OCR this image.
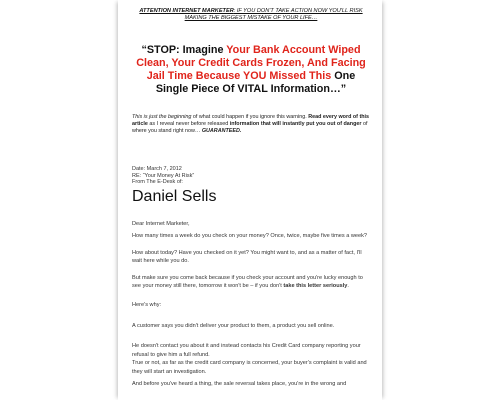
ATTENTION INTERNET MARKETER: IF YOU DON'T TAKE ACTION NOW YOU'LL RISK MAKING THE BIGGEST MISTAKE OF YOUR LIFE…

“STOP: Imagine Your Bank Account Wiped Clean, Your Credit Cards Frozen, And Facing Jail Time Because YOU Missed This One Single Piece Of VITAL Information…”

This is just the beginning of what could happen if you ignore this warning. Read every word of this article as I reveal never before released information that will instantly put you out of danger of where you stand right now… GUARANTEED.

Date: March 7, 2012
RE: “Your Money At Risk”
From The E-Desk of:
Daniel Sells

Dear Internet Marketer,

How many times a week do you check on your money? Once, twice, maybe five times a week?

How about today? Have you checked on it yet? You might want to, and as a matter of fact, I'll wait here while you do.

But make sure you come back because if you check your account and you're lucky enough to see your money still there, tomorrow it won't be – if you don't take this letter seriously.

Here's why:

A customer says you didn't deliver your product to them, a product you sell online.

He doesn't contact you about it and instead contacts his Credit Card company reporting your refusal to give him a full refund.

True or not, as far as the credit card company is concerned, your buyer's complaint is valid and they will start an investigation.

And before you've heard a thing, the sale reversal takes place, you're in the wrong and
